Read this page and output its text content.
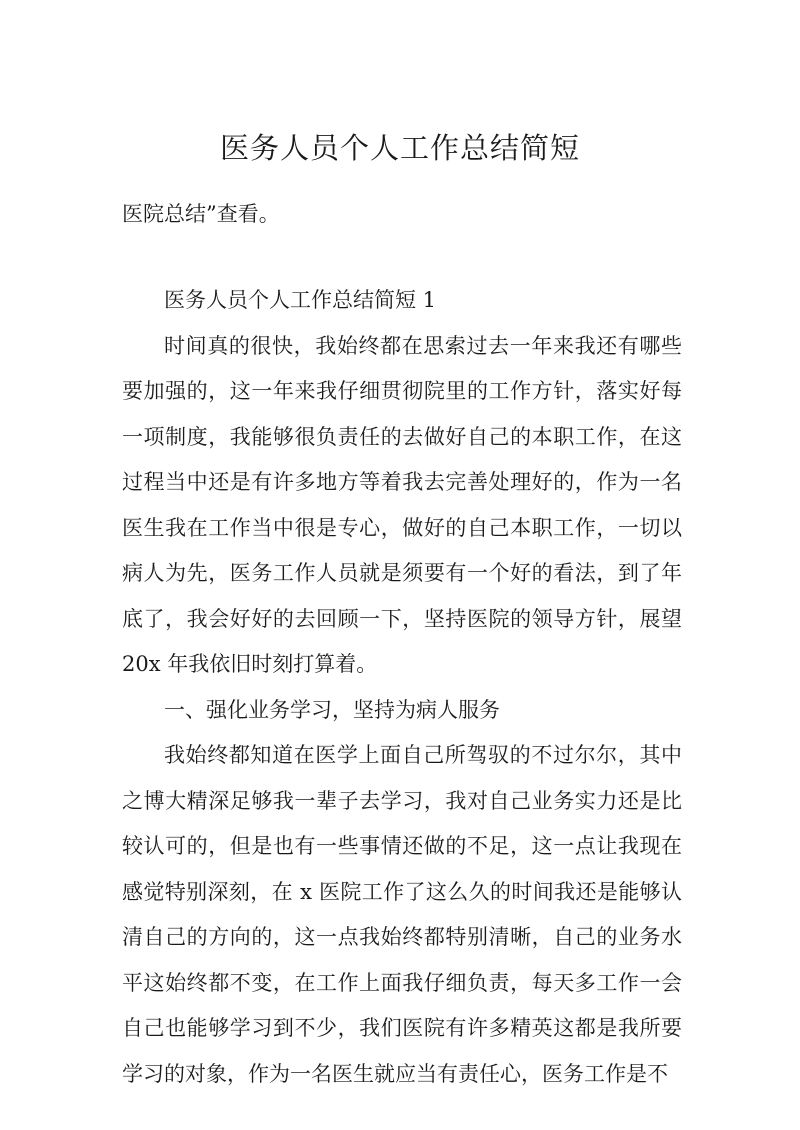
医务人员个人工作总结简短
医院总结”查看。

医务人员个人工作总结简短 1

时间真的很快，我始终都在思索过去一年来我还有哪些要加强的，这一年来我仔细贯彻院里的工作方针，落实好每一项制度，我能够很负责任的去做好自己的本职工作，在这过程当中还是有许多地方等着我去完善处理好的，作为一名医生我在工作当中很是专心，做好的自己本职工作，一切以病人为先，医务工作人员就是须要有一个好的看法，到了年底了，我会好好的去回顾一下，坚持医院的领导方针，展望20x 年我依旧时刻打算着。

一、强化业务学习，坚持为病人服务

我始终都知道在医学上面自己所驾驭的不过尔尔，其中之博大精深足够我一辈子去学习，我对自己业务实力还是比较认可的，但是也有一些事情还做的不足，这一点让我现在感觉特别深刻，在 x 医院工作了这么久的时间我还是能够认清自己的方向的，这一点我始终都特别清晰，自己的业务水平这始终都不变，在工作上面我仔细负责，每天多工作一会自己也能够学习到不少，我们医院有许多精英这都是我所要学习的对象，作为一名医生就应当有责任心，医务工作是不
